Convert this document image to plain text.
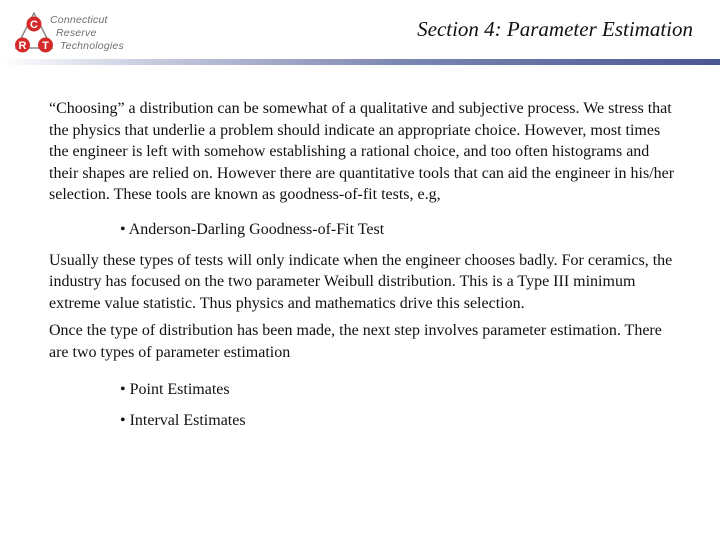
C
R T
Connecticut
Reserve
Technologies
Section 4: Parameter Estimation

“Choosing” a distribution can be somewhat of a qualitative and subjective process. We stress that the physics that underlie a problem should indicate an appropriate choice. However, most times the engineer is left with somehow establishing a rational choice, and too often histograms and their shapes are relied on. However there are quantitative tools that can aid the engineer in his/her selection. These tools are known as goodness-of-fit tests, e.g,

• Anderson-Darling Goodness-of-Fit Test

Usually these types of tests will only indicate when the engineer chooses badly. For ceramics, the industry has focused on the two parameter Weibull distribution. This is a Type III minimum extreme value statistic. Thus physics and mathematics drive this selection.

Once the type of distribution has been made, the next step involves parameter estimation. There are two types of parameter estimation

• Point Estimates

• Interval Estimates
